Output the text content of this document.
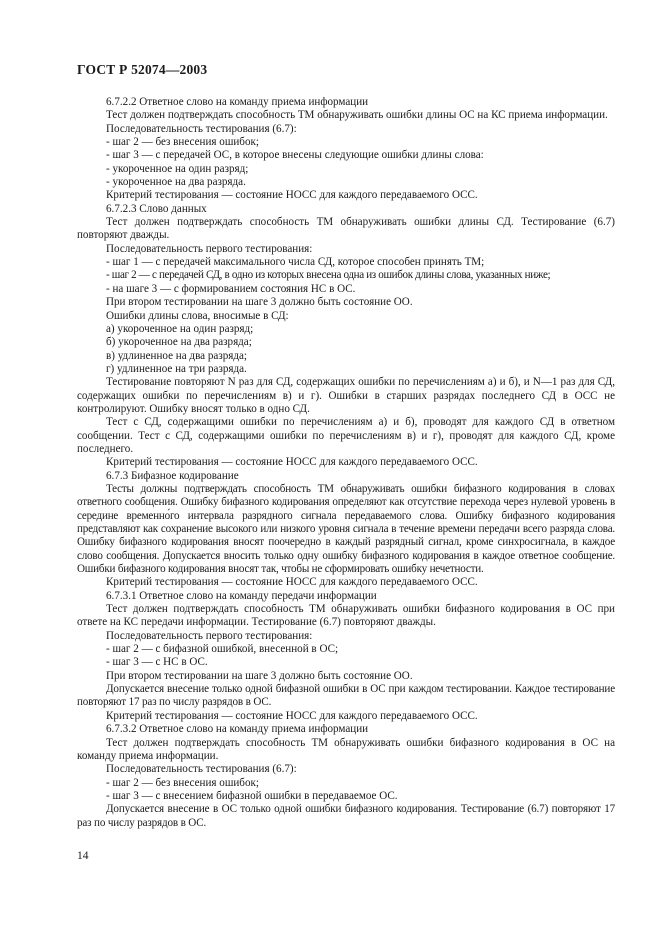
ГОСТ Р 52074—2003

6.7.2.2 Ответное слово на команду приема информации

Тест должен подтверждать способность ТМ обнаруживать ошибки длины ОС на КС приема информации.

Последовательность тестирования (6.7):

- шаг 2 — без внесения ошибок;

- шаг 3 — с передачей ОС, в которое внесены следующие ошибки длины слова:

- укороченное на один разряд;

- укороченное на два разряда.

Критерий тестирования — состояние НОСС для каждого передаваемого ОСС.

6.7.2.3 Слово данных

Тест должен подтверждать способность ТМ обнаруживать ошибки длины СД. Тестирование (6.7) повторяют дважды.

Последовательность первого тестирования:

- шаг 1 — с передачей максимального числа СД, которое способен принять ТМ;

- шаг 2 — с передачей СД, в одно из которых внесена одна из ошибок длины слова, указанных ниже;

- на шаге 3 — с формированием состояния НС в ОС.

При втором тестировании на шаге 3 должно быть состояние ОО.

Ошибки длины слова, вносимые в СД:

а) укороченное на один разряд;

б) укороченное на два разряда;

в) удлиненное на два разряда;

г) удлиненное на три разряда.

Тестирование повторяют N раз для СД, содержащих ошибки по перечислениям а) и б), и N—1 раз для СД, содержащих ошибки по перечислениям в) и г). Ошибки в старших разрядах последнего СД в ОСС не контролируют. Ошибку вносят только в одно СД.

Тест с СД, содержащими ошибки по перечислениям а) и б), проводят для каждого СД в ответном сообщении. Тест с СД, содержащими ошибки по перечислениям в) и г), проводят для каждого СД, кроме последнего.

Критерий тестирования — состояние НОСС для каждого передаваемого ОСС.

6.7.3 Бифазное кодирование

Тесты должны подтверждать способность ТМ обнаруживать ошибки бифазного кодирования в словах ответного сообщения. Ошибку бифазного кодирования определяют как отсутствие перехода через нулевой уровень в середине временно́го интервала разрядного сигнала передаваемого слова. Ошибку бифазного кодирования представляют как сохранение высокого или низкого уровня сигнала в течение времени передачи всего разряда слова. Ошибку бифазного кодирования вносят поочередно в каждый разрядный сигнал, кроме синхросигнала, в каждое слово сообщения. Допускается вносить только одну ошибку бифазного кодирования в каждое ответное сообщение. Ошибки бифазного кодирования вносят так, чтобы не сформировать ошибку нечетности.

Критерий тестирования — состояние НОСС для каждого передаваемого ОСС.

6.7.3.1 Ответное слово на команду передачи информации

Тест должен подтверждать способность ТМ обнаруживать ошибки бифазного кодирования в ОС при ответе на КС передачи информации. Тестирование (6.7) повторяют дважды.

Последовательность первого тестирования:

- шаг 2 — с бифазной ошибкой, внесенной в ОС;

- шаг 3 — с НС в ОС.

При втором тестировании на шаге 3 должно быть состояние ОО.

Допускается внесение только одной бифазной ошибки в ОС при каждом тестировании. Каждое тестирование повторяют 17 раз по числу разрядов в ОС.

Критерий тестирования — состояние НОСС для каждого передаваемого ОСС.

6.7.3.2 Ответное слово на команду приема информации

Тест должен подтверждать способность ТМ обнаруживать ошибки бифазного кодирования в ОС на команду приема информации.

Последовательность тестирования (6.7):

- шаг 2 — без внесения ошибок;

- шаг 3 — с внесением бифазной ошибки в передаваемое ОС.

Допускается внесение в ОС только одной ошибки бифазного кодирования. Тестирование (6.7) повторяют 17 раз по числу разрядов в ОС.

14
